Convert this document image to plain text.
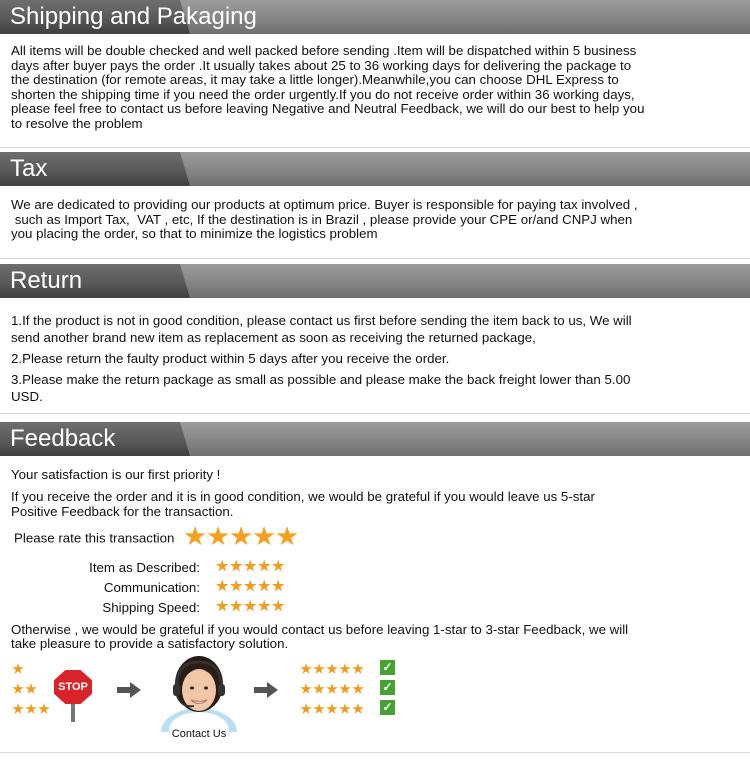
Shipping and Pakaging
All items will be double checked and well packed before sending .Item will be dispatched within 5 business
days after buyer pays the order .It usually takes about 25 to 36 working days for delivering the package to
the destination (for remote areas, it may take a little longer).Meanwhile,you can choose DHL Express to
shorten the shipping time if you need the order urgently.If you do not receive order within 36 working days,
please feel free to contact us before leaving Negative and Neutral Feedback, we will do our best to help you
to resolve the problem
Tax
We are dedicated to providing our products at optimum price. Buyer is responsible for paying tax involved ,
such as Import Tax,  VAT , etc, If the destination is in Brazil , please provide your CPE or/and CNPJ when
you placing the order, so that to minimize the logistics problem
Return
1.If the product is not in good condition, please contact us first before sending the item back to us, We will
send another brand new item as replacement as soon as receiving the returned package,
2.Please return the faulty product within 5 days after you receive the order.
3.Please make the return package as small as possible and please make the back freight lower than 5.00
USD.
Feedback
Your satisfaction is our first priority !
If you receive the order and it is in good condition, we would be grateful if you would leave us 5-star
Positive Feedback for the transaction.
Please rate this transaction
Item as Described:
Communication:
Shipping Speed:
Otherwise , we would be grateful if you would contact us before leaving 1-star to 3-star Feedback, we will
take pleasure to provide a satisfactory solution.
STOP
Contact Us
✓
✓
✓
